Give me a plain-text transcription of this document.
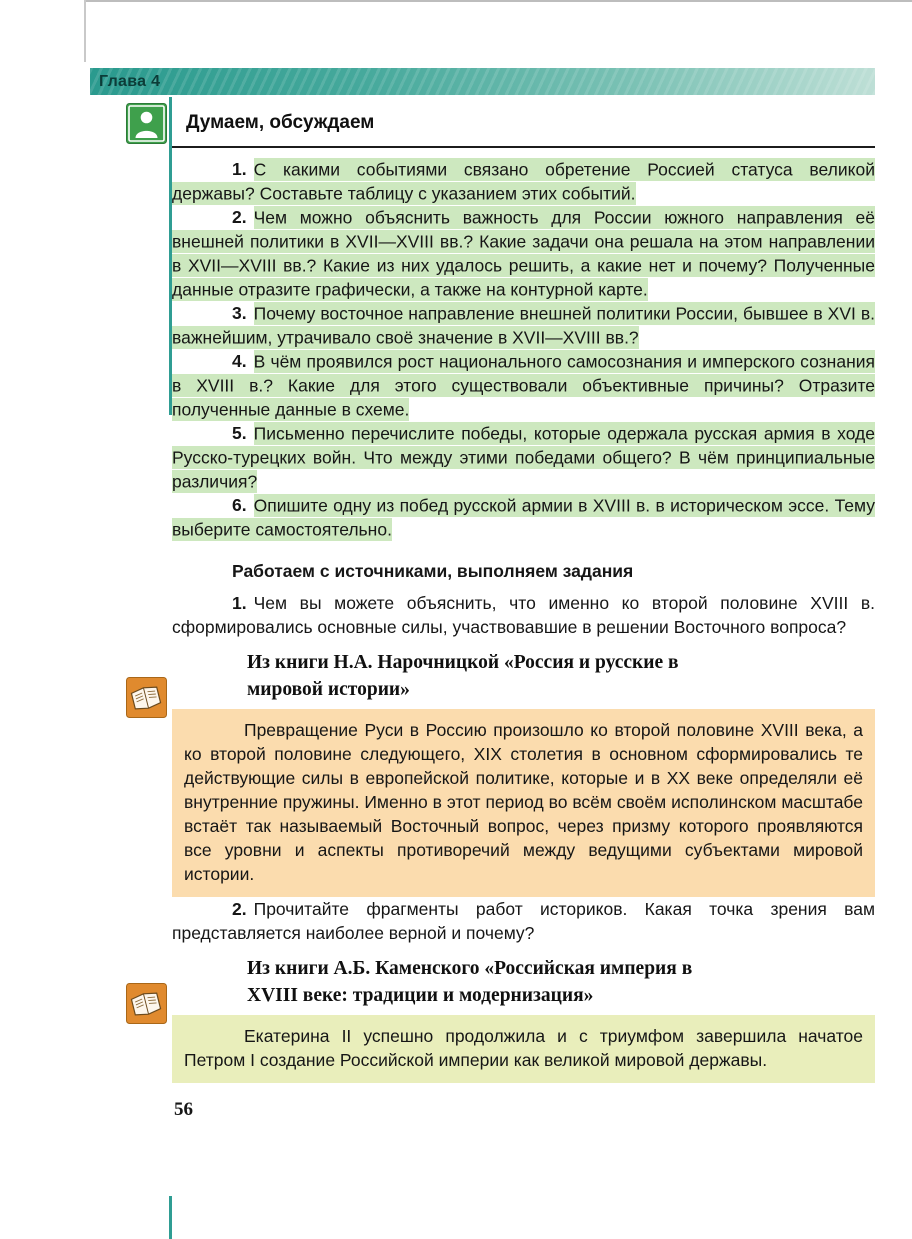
Глава 4
Думаем, обсуждаем

1. С какими событиями связано обретение Россией статуса великой державы? Составьте таблицу с указанием этих событий.

2. Чем можно объяснить важность для России южного направления её внешней политики в XVII—XVIII вв.? Какие задачи она решала на этом направлении в XVII—XVIII вв.? Какие из них удалось решить, а какие нет и почему? Полученные данные отразите графически, а также на контурной карте.

3. Почему восточное направление внешней политики России, бывшее в XVI в. важнейшим, утрачивало своё значение в XVII—XVIII вв.?

4. В чём проявился рост национального самосознания и имперского сознания в XVIII в.? Какие для этого существовали объективные причины? Отразите полученные данные в схеме.

5. Письменно перечислите победы, которые одержала русская армия в ходе Русско-турецких войн. Что между этими победами общего? В чём принципиальные различия?

6. Опишите одну из побед русской армии в XVIII в. в историческом эссе. Тему выберите самостоятельно.

Работаем с источниками, выполняем задания

1. Чем вы можете объяснить, что именно ко второй половине XVIII в. сформировались основные силы, участвовавшие в решении Восточного вопроса?

Из книги Н.А. Нарочницкой «Россия и русские в мировой истории»

Превращение Руси в Россию произошло ко второй половине XVIII века, а ко второй половине следующего, XIX столетия в основном сформировались те действующие силы в европейской политике, которые и в XX веке определяли её внутренние пружины. Именно в этот период во всём своём исполинском масштабе встаёт так называемый Восточный вопрос, через призму которого проявляются все уровни и аспекты противоречий между ведущими субъектами мировой истории.

2. Прочитайте фрагменты работ историков. Какая точка зрения вам представляется наиболее верной и почему?

Из книги А.Б. Каменского «Российская империя в XVIII веке: традиции и модернизация»

Екатерина II успешно продолжила и с триумфом завершила начатое Петром I создание Российской империи как великой мировой державы.

56
